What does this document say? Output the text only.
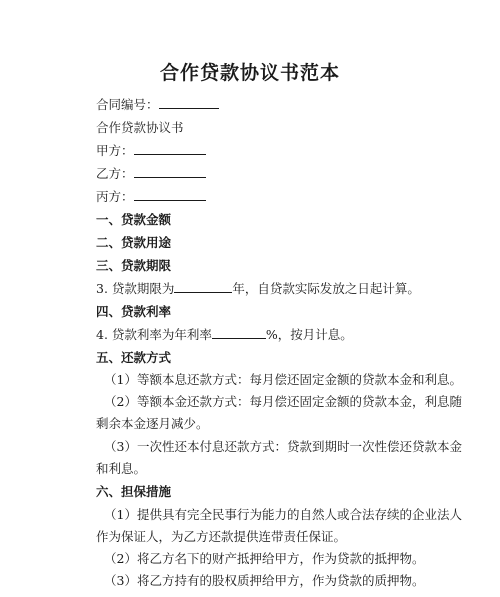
合作贷款协议书范本
合同编号：
合作贷款协议书
甲方：
乙方：
丙方：
一、贷款金额
二、贷款用途
三、贷款期限
3. 贷款期限为	年，自贷款实际发放之日起计算。
四、贷款利率
4. 贷款利率为年利率	%，按月计息。
五、还款方式
（1）等额本息还款方式：每月偿还固定金额的贷款本金和利息。
（2）等额本金还款方式：每月偿还固定金额的贷款本金，利息随
剩余本金逐月减少。
（3）一次性还本付息还款方式：贷款到期时一次性偿还贷款本金
和利息。
六、担保措施
（1）提供具有完全民事行为能力的自然人或合法存续的企业法人
作为保证人，为乙方还款提供连带责任保证。
（2）将乙方名下的财产抵押给甲方，作为贷款的抵押物。
（3）将乙方持有的股权质押给甲方，作为贷款的质押物。
